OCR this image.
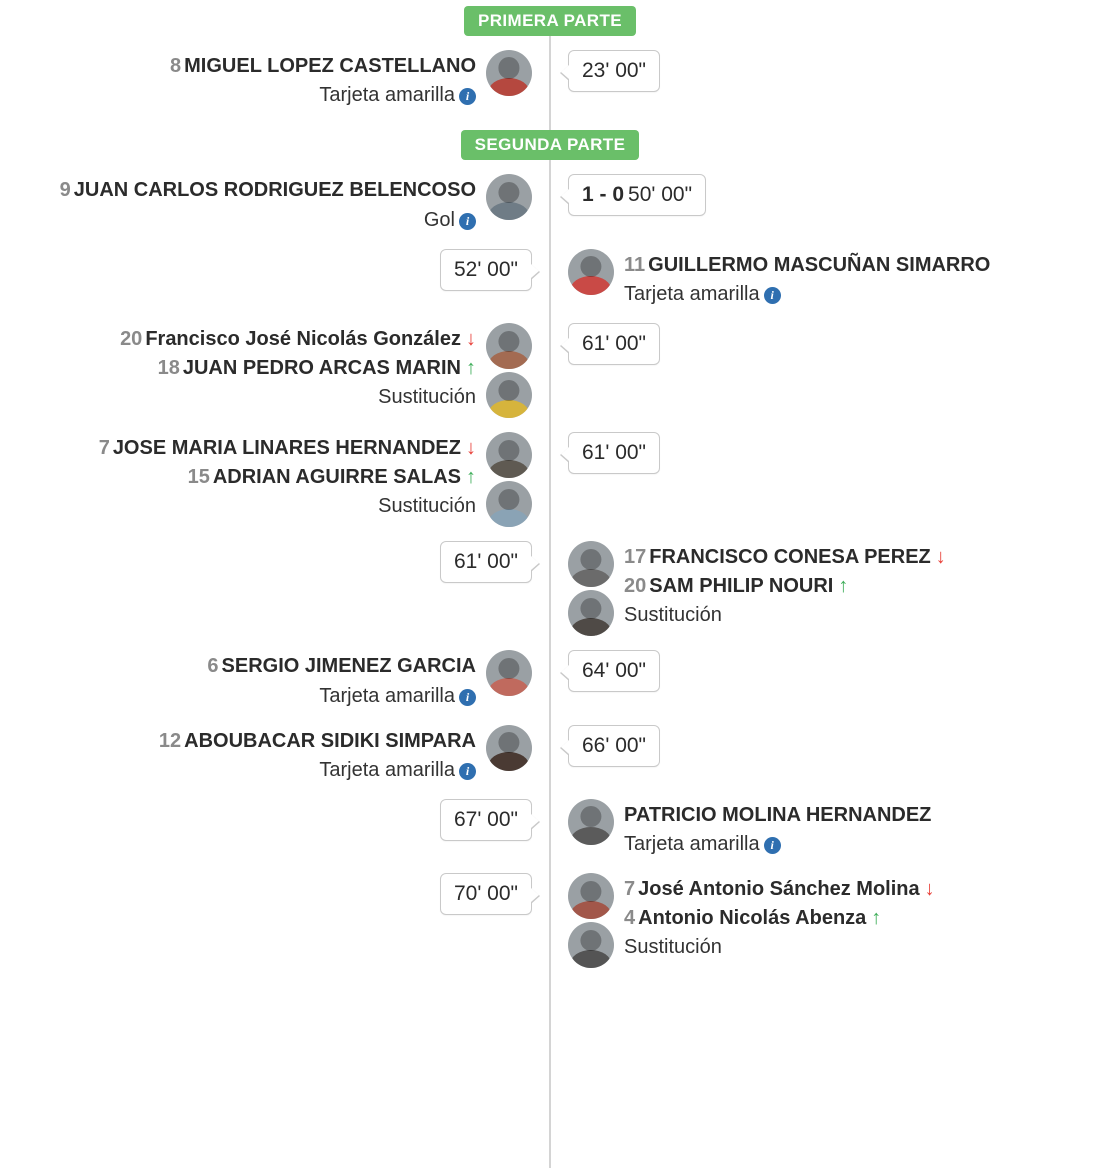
PRIMERA PARTE
8 MIGUEL LOPEZ CASTELLANO
Tarjeta amarilla i
23' 00"
SEGUNDA PARTE
9 JUAN CARLOS RODRIGUEZ BELENCOSO
Gol i
1 - 0 50' 00"
52' 00"	11 GUILLERMO MASCUÑAN SIMARRO
Tarjeta amarilla i
20 Francisco José Nicolás González ↓
18 JUAN PEDRO ARCAS MARIN ↑
Sustitución
61' 00"
7 JOSE MARIA LINARES HERNANDEZ ↓
15 ADRIAN AGUIRRE SALAS ↑
Sustitución
61' 00"
61' 00"	17 FRANCISCO CONESA PEREZ ↓
20 SAM PHILIP NOURI ↑
Sustitución
6 SERGIO JIMENEZ GARCIA
Tarjeta amarilla i
64' 00"
12 ABOUBACAR SIDIKI SIMPARA
Tarjeta amarilla i
66' 00"
67' 00"	PATRICIO MOLINA HERNANDEZ
Tarjeta amarilla i
70' 00"	7 José Antonio Sánchez Molina ↓
4 Antonio Nicolás Abenza ↑
Sustitución
